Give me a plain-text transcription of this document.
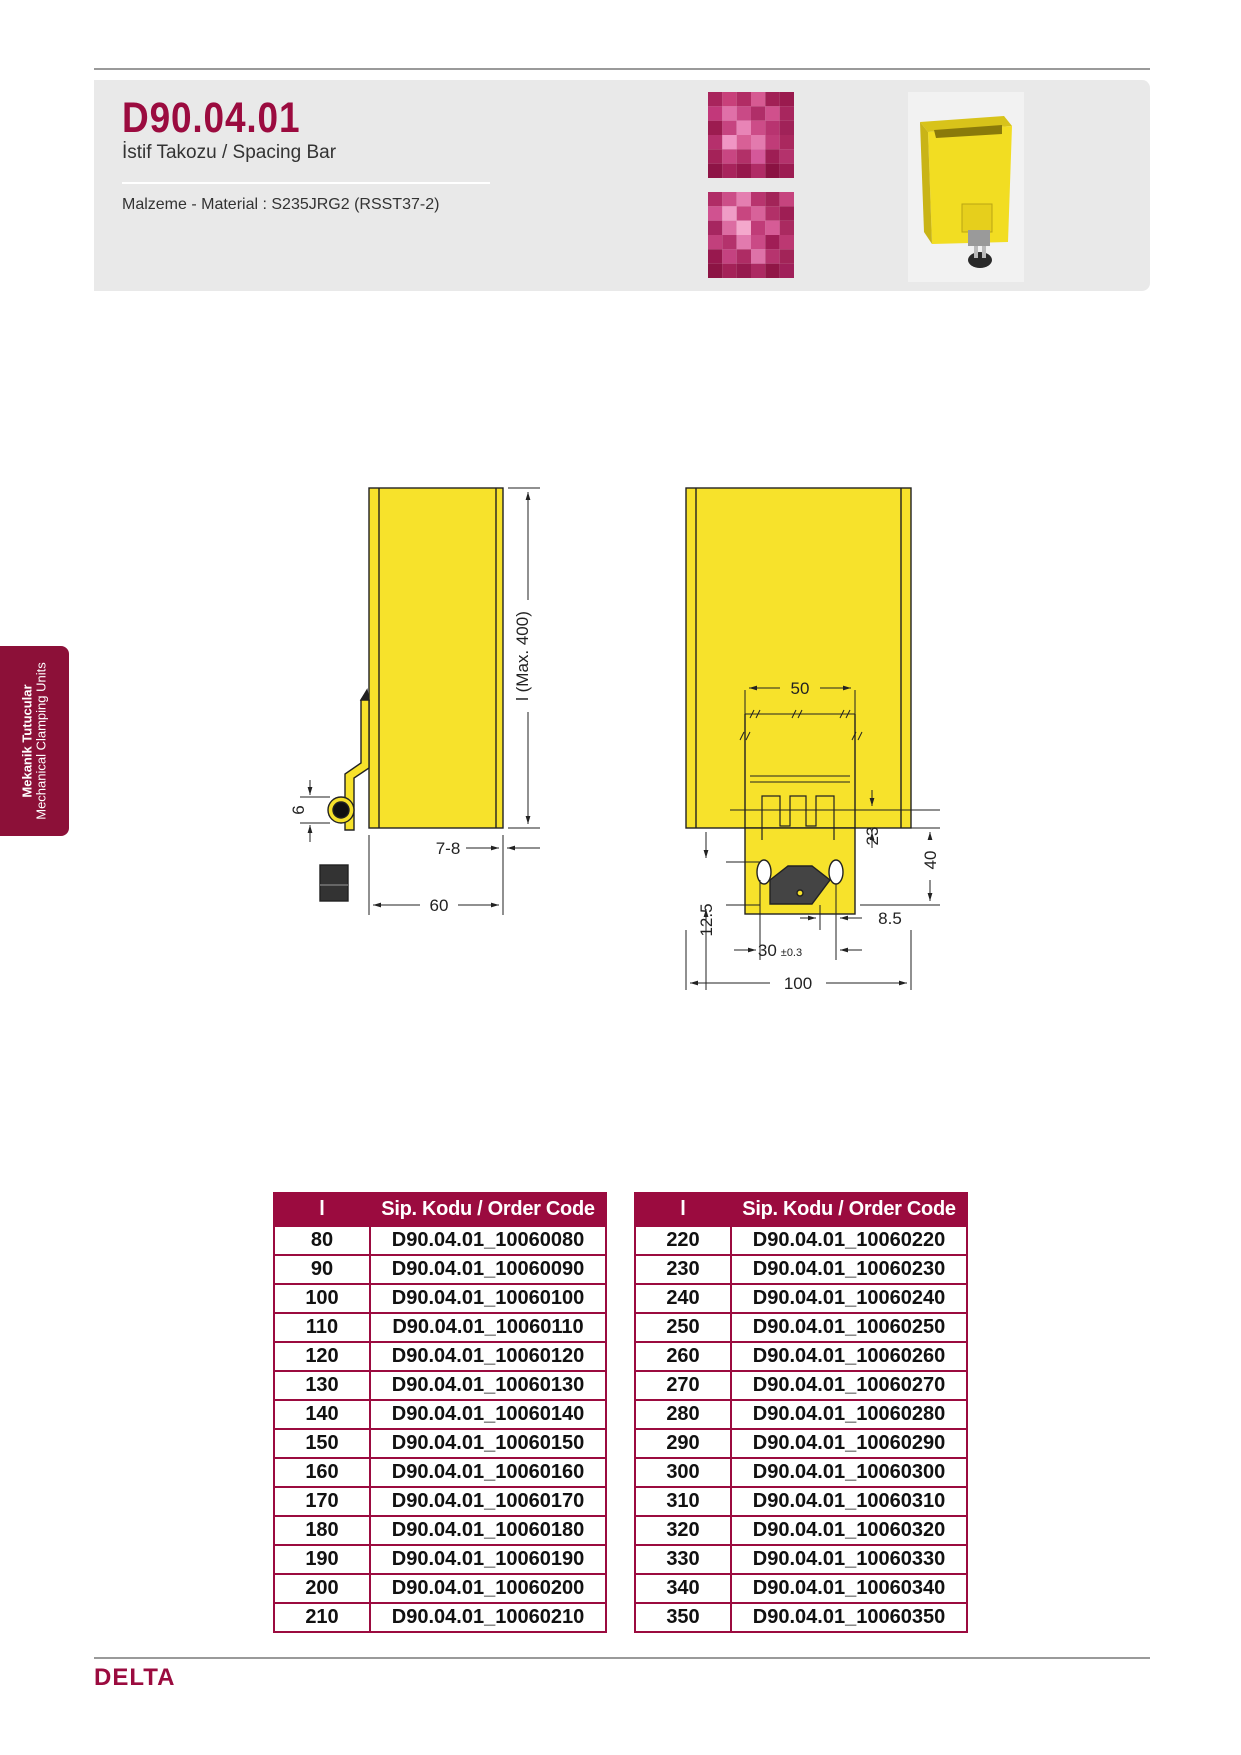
D90.04.01
İstif Takozu / Spacing Bar
Malzeme - Material : S235JRG2 (RSST37-2)
Mekanik Tutucular
Mechanical Clamping Units
l (Max. 400)
6
7-8
60
50
23
40
12.5	8.5
30 ±0.3
100
l	Sip. Kodu / Order Code
80	D90.04.01_10060080
90	D90.04.01_10060090
100	D90.04.01_10060100
110	D90.04.01_10060110
120	D90.04.01_10060120
130	D90.04.01_10060130
140	D90.04.01_10060140
150	D90.04.01_10060150
160	D90.04.01_10060160
170	D90.04.01_10060170
180	D90.04.01_10060180
190	D90.04.01_10060190
200	D90.04.01_10060200
210	D90.04.01_10060210
l	Sip. Kodu / Order Code
220	D90.04.01_10060220
230	D90.04.01_10060230
240	D90.04.01_10060240
250	D90.04.01_10060250
260	D90.04.01_10060260
270	D90.04.01_10060270
280	D90.04.01_10060280
290	D90.04.01_10060290
300	D90.04.01_10060300
310	D90.04.01_10060310
320	D90.04.01_10060320
330	D90.04.01_10060330
340	D90.04.01_10060340
350	D90.04.01_10060350
DELTA
